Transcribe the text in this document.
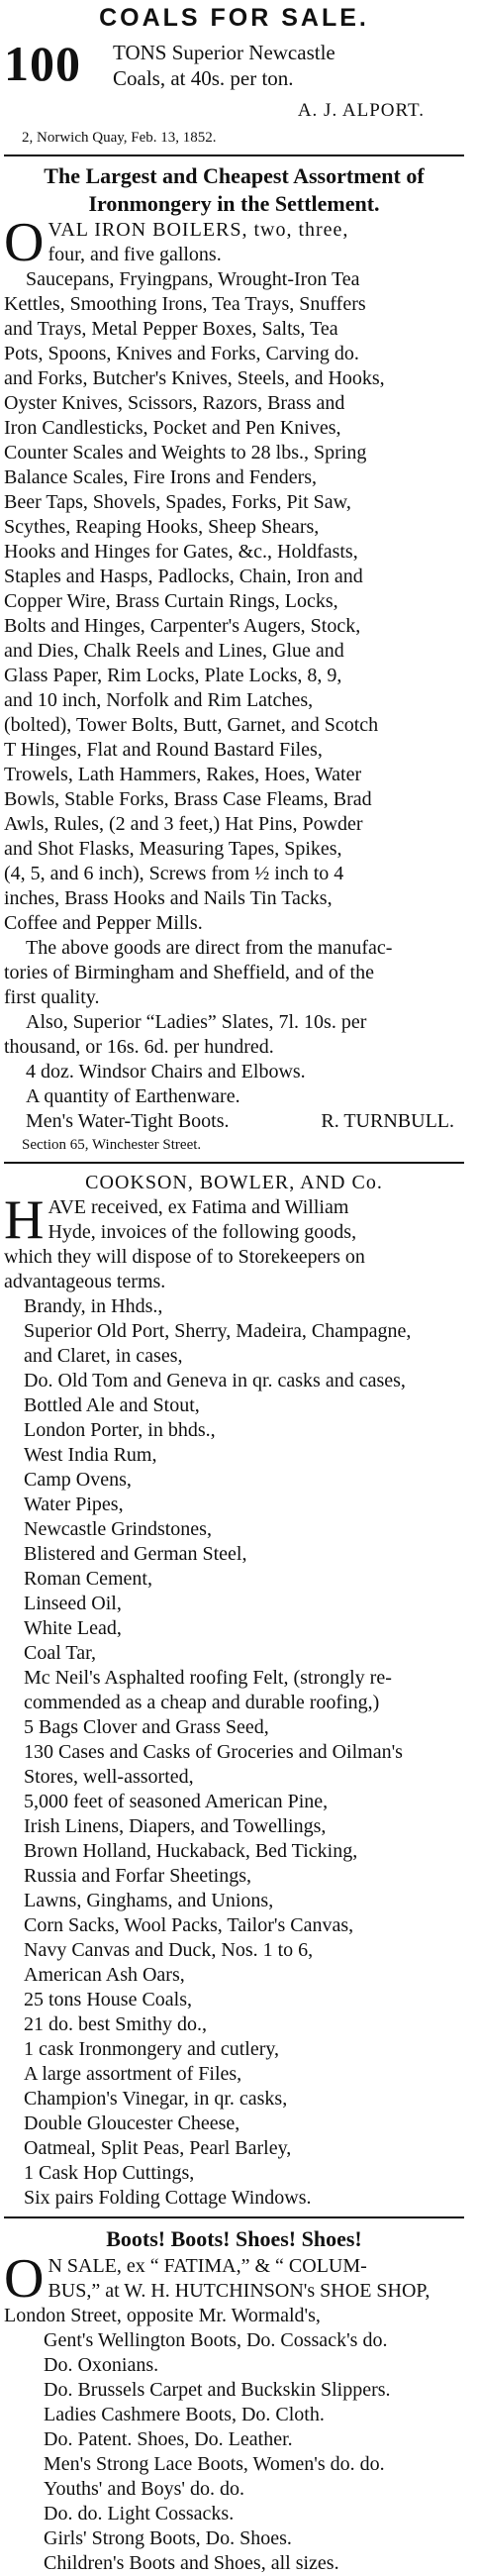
COALS FOR SALE.
100 TONS Superior Newcastle
Coals, at 40s. per ton.
A. J. ALPORT.
2, Norwich Quay, Feb. 13, 1852.
The Largest and Cheapest Assortment of
Ironmongery in the Settlement.
O VAL IRON BOILERS, two, three,
four, and five gallons.
Saucepans, Fryingpans, Wrought-Iron Tea
Kettles, Smoothing Irons, Tea Trays, Snuffers
and Trays, Metal Pepper Boxes, Salts, Tea
Pots, Spoons, Knives and Forks, Carving do.
and Forks, Butcher's Knives, Steels, and Hooks,
Oyster Knives, Scissors, Razors, Brass and
Iron Candlesticks, Pocket and Pen Knives,
Counter Scales and Weights to 28 lbs., Spring
Balance Scales, Fire Irons and Fenders,
Beer Taps, Shovels, Spades, Forks, Pit Saw,
Scythes, Reaping Hooks, Sheep Shears,
Hooks and Hinges for Gates, &c., Holdfasts,
Staples and Hasps, Padlocks, Chain, Iron and
Copper Wire, Brass Curtain Rings, Locks,
Bolts and Hinges, Carpenter's Augers, Stock,
and Dies, Chalk Reels and Lines, Glue and
Glass Paper, Rim Locks, Plate Locks, 8, 9,
and 10 inch, Norfolk and Rim Latches,
(bolted), Tower Bolts, Butt, Garnet, and Scotch
T Hinges, Flat and Round Bastard Files,
Trowels, Lath Hammers, Rakes, Hoes, Water
Bowls, Stable Forks, Brass Case Fleams, Brad
Awls, Rules, (2 and 3 feet,) Hat Pins, Powder
and Shot Flasks, Measuring Tapes, Spikes,
(4, 5, and 6 inch), Screws from ½ inch to 4
inches, Brass Hooks and Nails Tin Tacks,
Coffee and Pepper Mills.
The above goods are direct from the manufac-
tories of Birmingham and Sheffield, and of the
first quality.
Also, Superior “Ladies” Slates, 7l. 10s. per
thousand, or 16s. 6d. per hundred.
4 doz. Windsor Chairs and Elbows.
A quantity of Earthenware.
Men's Water-Tight Boots.	R. TURNBULL.
Section 65, Winchester Street.
COOKSON, BOWLER, AND Co.
H AVE received, ex Fatima and William
Hyde, invoices of the following goods,
which they will dispose of to Storekeepers on
advantageous terms.
Brandy, in Hhds.,
Superior Old Port, Sherry, Madeira, Champagne,
and Claret, in cases,
Do. Old Tom and Geneva in qr. casks and cases,
Bottled Ale and Stout,
London Porter, in bhds.,
West India Rum,
Camp Ovens,
Water Pipes,
Newcastle Grindstones,
Blistered and German Steel,
Roman Cement,
Linseed Oil,
White Lead,
Coal Tar,
Mc Neil's Asphalted roofing Felt, (strongly re-
commended as a cheap and durable roofing,)
5 Bags Clover and Grass Seed,
130 Cases and Casks of Groceries and Oilman's
Stores, well-assorted,
5,000 feet of seasoned American Pine,
Irish Linens, Diapers, and Towellings,
Brown Holland, Huckaback, Bed Ticking,
Russia and Forfar Sheetings,
Lawns, Ginghams, and Unions,
Corn Sacks, Wool Packs, Tailor's Canvas,
Navy Canvas and Duck, Nos. 1 to 6,
American Ash Oars,
25 tons House Coals,
21 do. best Smithy do.,
1 cask Ironmongery and cutlery,
A large assortment of Files,
Champion's Vinegar, in qr. casks,
Double Gloucester Cheese,
Oatmeal, Split Peas, Pearl Barley,
1 Cask Hop Cuttings,
Six pairs Folding Cottage Windows.
Boots! Boots! Shoes! Shoes!
O N SALE, ex “ FATIMA,” & “ COLUM-
BUS,” at W. H. HUTCHINSON's SHOE SHOP,
London Street, opposite Mr. Wormald's,
Gent's Wellington Boots, Do. Cossack's do.
Do. Oxonians.
Do. Brussels Carpet and Buckskin Slippers.
Ladies Cashmere Boots, Do. Cloth.
Do. Patent. Shoes, Do. Leather.
Men's Strong Lace Boots, Women's do. do.
Youths' and Boys' do. do.
Do. do. Light Cossacks.
Girls' Strong Boots, Do. Shoes.
Children's Boots and Shoes, all sizes.
